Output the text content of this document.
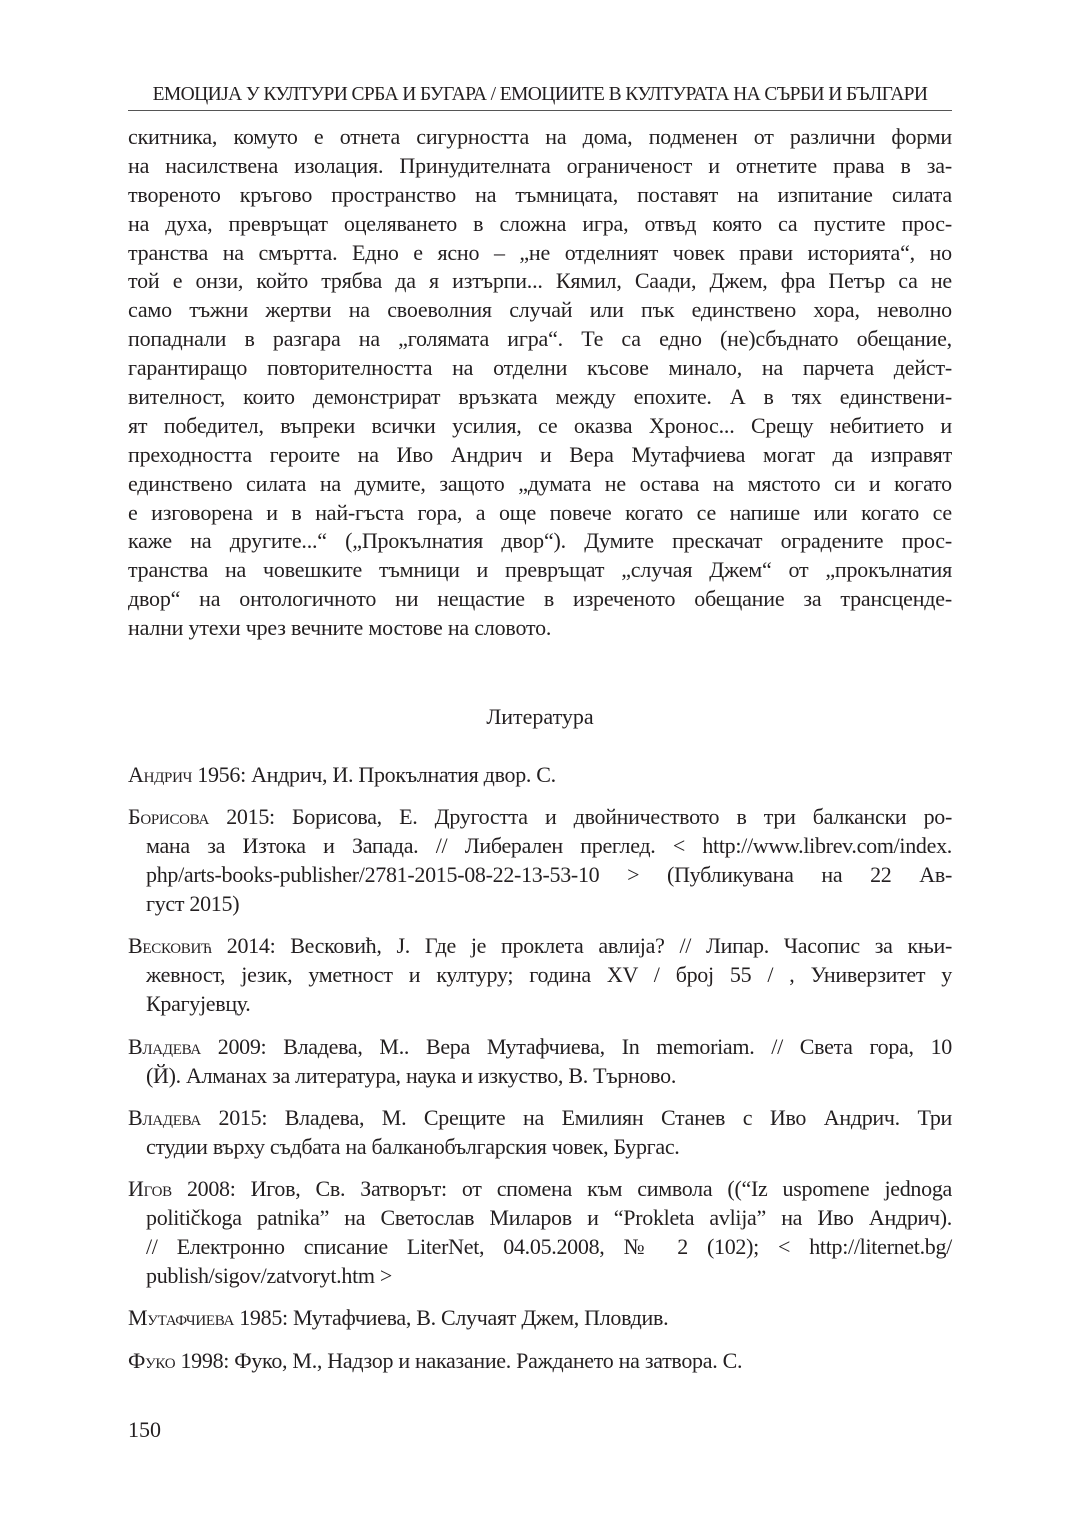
ЕМОЦИЈА У КУЛТУРИ СРБА И БУГАРА / ЕМОЦИИТЕ В КУЛТУРАТА НА СЪРБИ И БЪЛГАРИ
скитника, комуто е отнета сигурността на дома, подменен от различни форми
на насилствена изолация. Принудителната ограниченост и отнетите права в за-
твореното кръгово пространство на тъмницата, поставят на изпитание силата
на духа, превръщат оцеляването в сложна игра, отвъд която са пустите прос-
транства на смъртта. Едно е ясно – „не отделният човек прави историята“, но
той е онзи, който трябва да я изтърпи... Кямил, Саади, Джем, фра Петър са не
само тъжни жертви на своеволния случай или пък единствено хора, неволно
попаднали в разгара на „голямата игра“. Те са едно (не)сбъднато обещание,
гарантиращо повторителността на отделни късове минало, на парчета дейст-
вителност, които демонстрират връзката между епохите. А в тях единствени-
ят победител, въпреки всички усилия, се оказва Хронос... Срещу небитието и
преходността героите на Иво Андрич и Вера Мутафчиева могат да изправят
единствено силата на думите, защото „думата не остава на мястото си и когато
е изговорена и в най-гъста гора, а още повече когато се напише или когато се
каже на другите...“ („Прокълнатия двор“). Думите прескачат оградените прос-
транства на човешките тъмници и превръщат „случая Джем“ от „прокълнатия
двор“ на онтологичното ни нещастие в изреченото обещание за трансценде-
нални утехи чрез вечните мостове на словото.
Литература
Андрич 1956: Андрич, И. Прокълнатия двор. С.
Борисова 2015: Борисова, Е. Другостта и двойничеството в три балкански ро-
мана за Изтока и Запада. // Либерален преглед. < http://www.librev.com/index.
php/arts-books-publisher/2781-2015-08-22-13-53-10 > (Публикувана на 22 Ав-
густ 2015)
Весковић 2014: Весковић, Ј. Где је проклета авлија? // Липар. Часопис за књи-
жевност, језик, уметност и културу; година XV / број 55 / , Универзитет у
Крагујевцу.
Владева 2009: Владева, М.. Вера Мутафчиева, In memoriam. // Света гора, 10
(Й). Алманах за литература, наука и изкуство, В. Търново.
Владева 2015: Владева, М. Срещите на Емилиян Станев с Иво Андрич. Три
студии върху съдбата на балканобългарския човек, Бургас.
Игов 2008: Игов, Св. Затворът: от спомена към символа ((“Iz uspomene jednoga
političkoga patnika” на Светослав Миларов и “Prokleta avlija” на Иво Андрич).
// Електронно списание LiterNet, 04.05.2008, № 2 (102); < http://liternet.bg/
publish/sigov/zatvoryt.htm >
Мутафчиева 1985: Мутафчиева, В. Случаят Джем, Пловдив.
Фуко 1998: Фуко, М., Надзор и наказание. Раждането на затвора. С.
150
